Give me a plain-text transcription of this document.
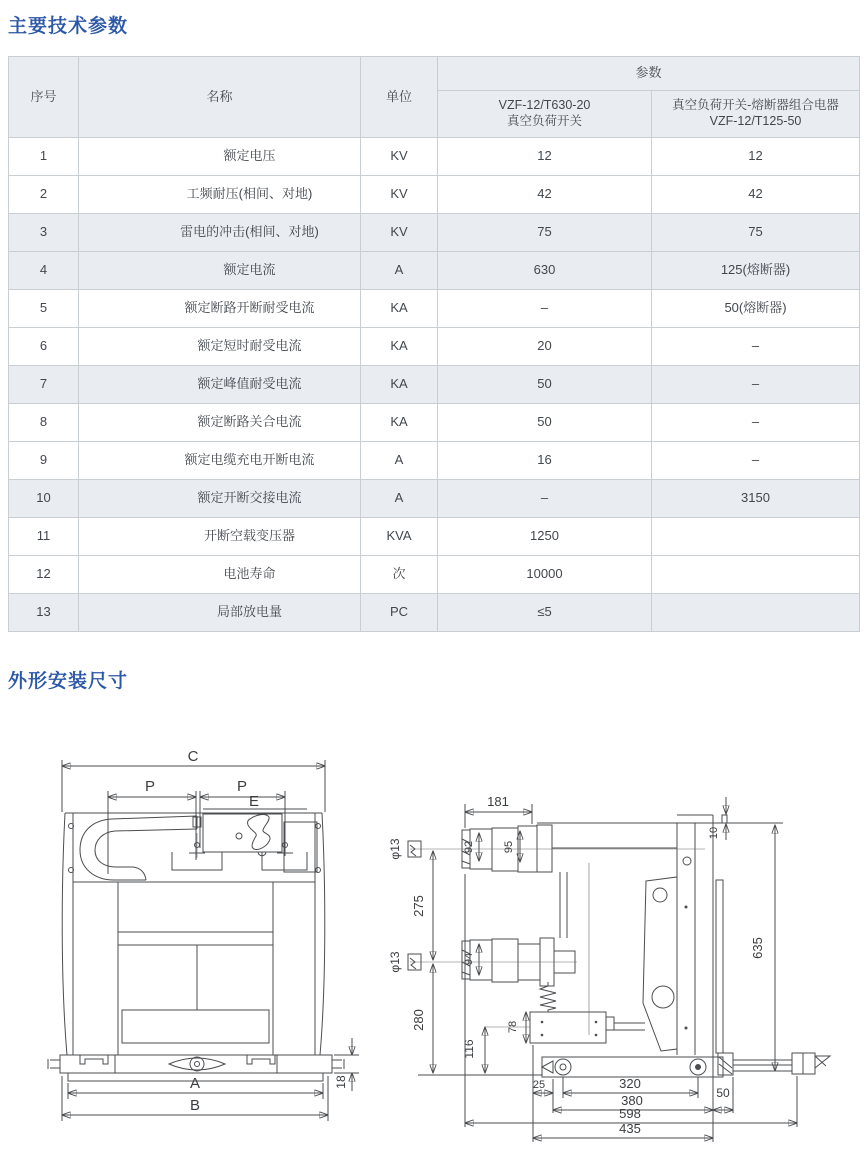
主要技术参数
序号	名称	单位	参数	

VZF-12/T630-20
真空负荷开关

真空负荷开关-熔断器组合电器
VZF-12/T125-50

1	额定电压	KV	12	12
2	工频耐压(相间、对地)	KV	42	42
3	雷电的冲击(相间、对地)	KV	75	75
4	额定电流	A	630	125(熔断器)
5	额定断路开断耐受电流	KA	–	50(熔断器)
6	额定短时耐受电流	KA	20	–
7	额定峰值耐受电流	KA	50	–
8	额定断路关合电流	KA	50	–
9	额定电缆充电开断电流	A	16	–
10	额定开断交接电流	A	–	3150
11	开断空载变压器	KVA	1250	
12	电池寿命	次	10000	
13	局部放电量	PC	≤5	
外形安装尺寸
C
P	P
E
A
B
18
92	95
φ13
181
275
10
635
94
φ13
280	78
116
25	320
380	50
598
435
